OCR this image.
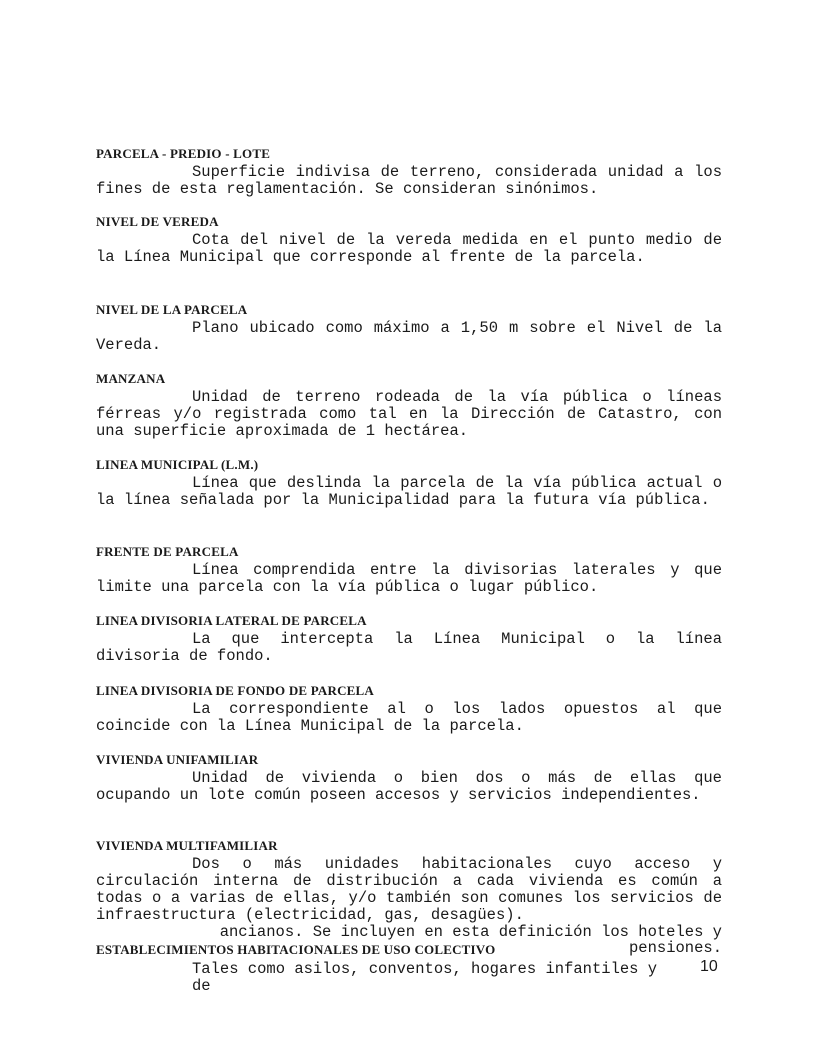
PARCELA - PREDIO - LOTE
Superficie indivisa de terreno, considerada unidad a los fines de esta reglamentación. Se consideran sinónimos.
NIVEL DE VEREDA
Cota del nivel de la vereda medida en el punto medio de la Línea Municipal que corresponde al frente de la parcela.
NIVEL DE LA PARCELA
Plano ubicado como máximo a 1,50 m sobre el Nivel de la Vereda.
MANZANA
Unidad de terreno rodeada de la vía pública o líneas férreas y/o registrada como tal en la Dirección de Catastro, con una superficie aproximada de 1 hectárea.
LINEA MUNICIPAL (L.M.)
Línea que deslinda la parcela de la vía pública actual o la línea señalada por la Municipalidad para la futura vía pública.
FRENTE DE PARCELA
Línea comprendida entre la divisorias laterales y que limite una parcela con la vía pública o lugar público.
LINEA DIVISORIA LATERAL DE PARCELA
La que intercepta la Línea Municipal o la línea divisoria de fondo.
LINEA DIVISORIA DE FONDO DE PARCELA
La correspondiente al o los lados opuestos al que coincide con la Línea Municipal de la parcela.
VIVIENDA UNIFAMILIAR
Unidad de vivienda o bien dos o más de ellas que ocupando un lote común poseen accesos y servicios independientes.
VIVIENDA MULTIFAMILIAR
Dos o más unidades habitacionales cuyo acceso y circulación interna de distribución a cada vivienda es común a todas o a varias de ellas, y/o también son comunes los servicios de infraestructura (electricidad, gas, desagües).
ancianos. Se incluyen en esta definición los hoteles y
ESTABLECIMIENTOS HABITACIONALES DE USO COLECTIVO	pensiones.
Tales como asilos, conventos, hogares infantiles y
de
10
